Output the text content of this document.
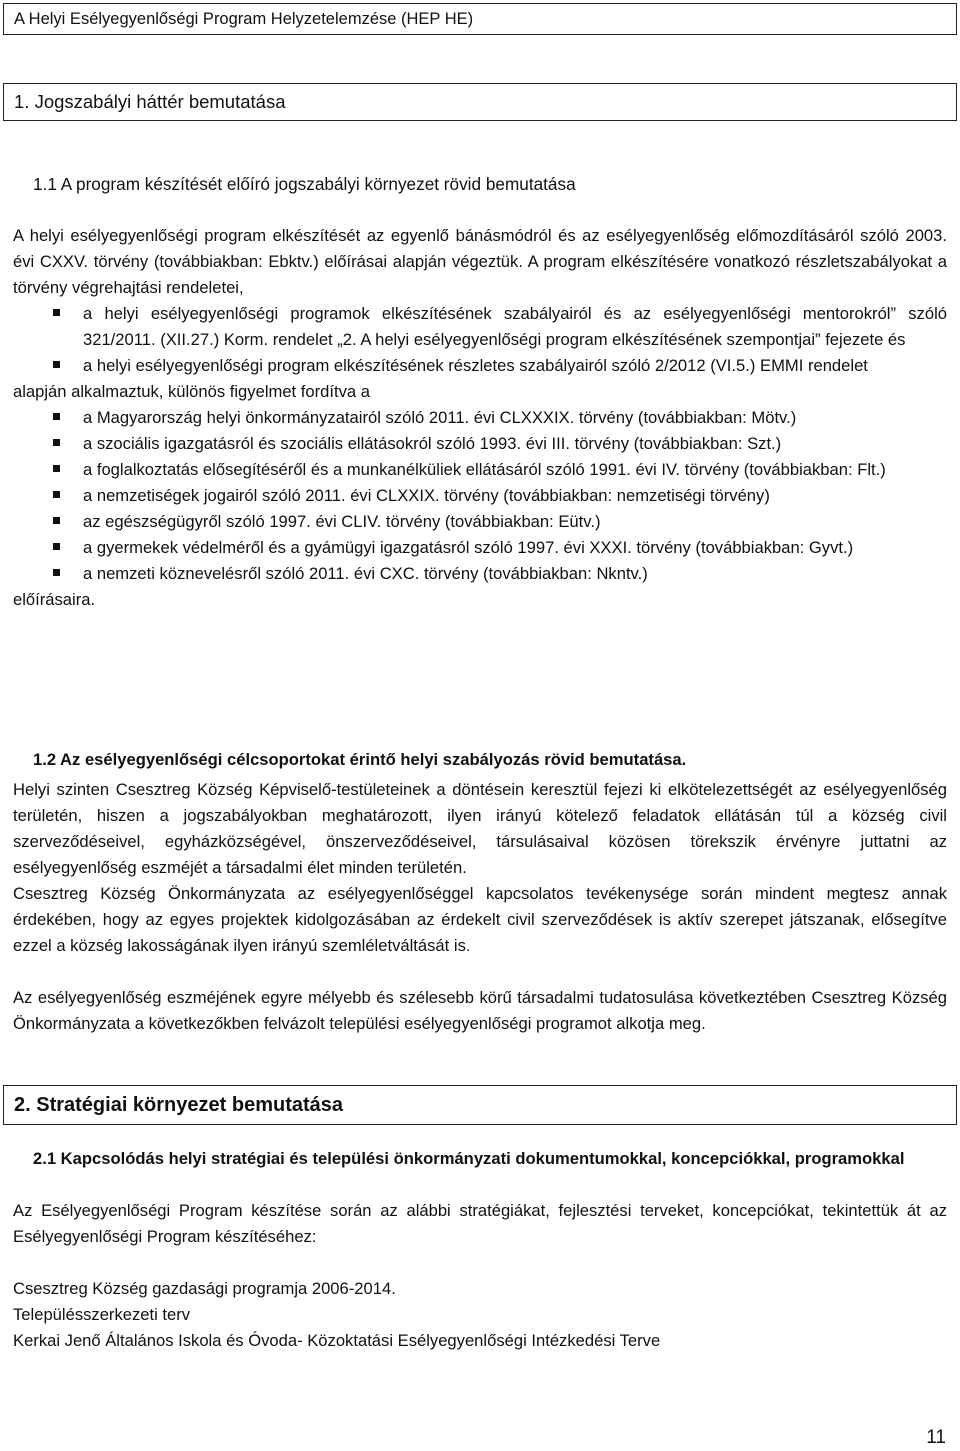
A Helyi Esélyegyenlőségi Program Helyzetelemzése (HEP HE)
1. Jogszabályi háttér bemutatása
1.1 A program készítését előíró jogszabályi környezet rövid bemutatása
A helyi esélyegyenlőségi program elkészítését az egyenlő bánásmódról és az esélyegyenlőség előmozdításáról szóló 2003. évi CXXV. törvény (továbbiakban: Ebktv.) előírásai alapján végeztük. A program elkészítésére vonatkozó részletszabályokat a törvény végrehajtási rendeletei,
a helyi esélyegyenlőségi programok elkészítésének szabályairól és az esélyegyenlőségi mentorokról” szóló 321/2011. (XII.27.) Korm. rendelet „2. A helyi esélyegyenlőségi program elkészítésének szempontjai” fejezete és
a helyi esélyegyenlőségi program elkészítésének részletes szabályairól szóló 2/2012 (VI.5.) EMMI rendelet
alapján alkalmaztuk, különös figyelmet fordítva a
a Magyarország helyi önkormányzatairól szóló 2011. évi CLXXXIX. törvény (továbbiakban: Mötv.)
a szociális igazgatásról és szociális ellátásokról szóló 1993. évi III. törvény (továbbiakban: Szt.)
a foglalkoztatás elősegítéséről és a munkanélküliek ellátásáról szóló 1991. évi IV. törvény (továbbiakban: Flt.)
a nemzetiségek jogairól szóló 2011. évi CLXXIX. törvény (továbbiakban: nemzetiségi törvény)
az egészségügyről szóló 1997. évi CLIV. törvény (továbbiakban: Eütv.)
a gyermekek védelméről és a gyámügyi igazgatásról szóló 1997. évi XXXI. törvény (továbbiakban: Gyvt.)
a nemzeti köznevelésről szóló 2011. évi CXC. törvény (továbbiakban: Nkntv.)
előírásaira.
1.2 Az esélyegyenlőségi célcsoportokat érintő helyi szabályozás rövid bemutatása.
Helyi szinten Csesztreg Község Képviselő-testületeinek a döntésein keresztül fejezi ki elkötelezettségét az esélyegyenlőség területén, hiszen a jogszabályokban meghatározott, ilyen irányú kötelező feladatok ellátásán túl a község civil szerveződéseivel, egyházközségével, önszerveződéseivel, társulásaival közösen törekszik érvényre juttatni az esélyegyenlőség eszméjét a társadalmi élet minden területén.
Csesztreg Község Önkormányzata az esélyegyenlőséggel kapcsolatos tevékenysége során mindent megtesz annak érdekében, hogy az egyes projektek kidolgozásában az érdekelt civil szerveződések is aktív szerepet játszanak, elősegítve ezzel a község lakosságának ilyen irányú szemléletváltását is.
Az esélyegyenlőség eszméjének egyre mélyebb és szélesebb körű társadalmi tudatosulása következtében Csesztreg Község Önkormányzata a következőkben felvázolt települési esélyegyenlőségi programot alkotja meg.
2. Stratégiai környezet bemutatása
2.1 Kapcsolódás helyi stratégiai és települési önkormányzati dokumentumokkal, koncepciókkal, programokkal
Az Esélyegyenlőségi Program készítése során az alábbi stratégiákat, fejlesztési terveket, koncepciókat, tekintettük át az Esélyegyenlőségi Program készítéséhez:
Csesztreg Község gazdasági programja 2006-2014.
Településszerkezeti terv
Kerkai Jenő Általános Iskola és Óvoda- Közoktatási Esélyegyenlőségi Intézkedési Terve
11
